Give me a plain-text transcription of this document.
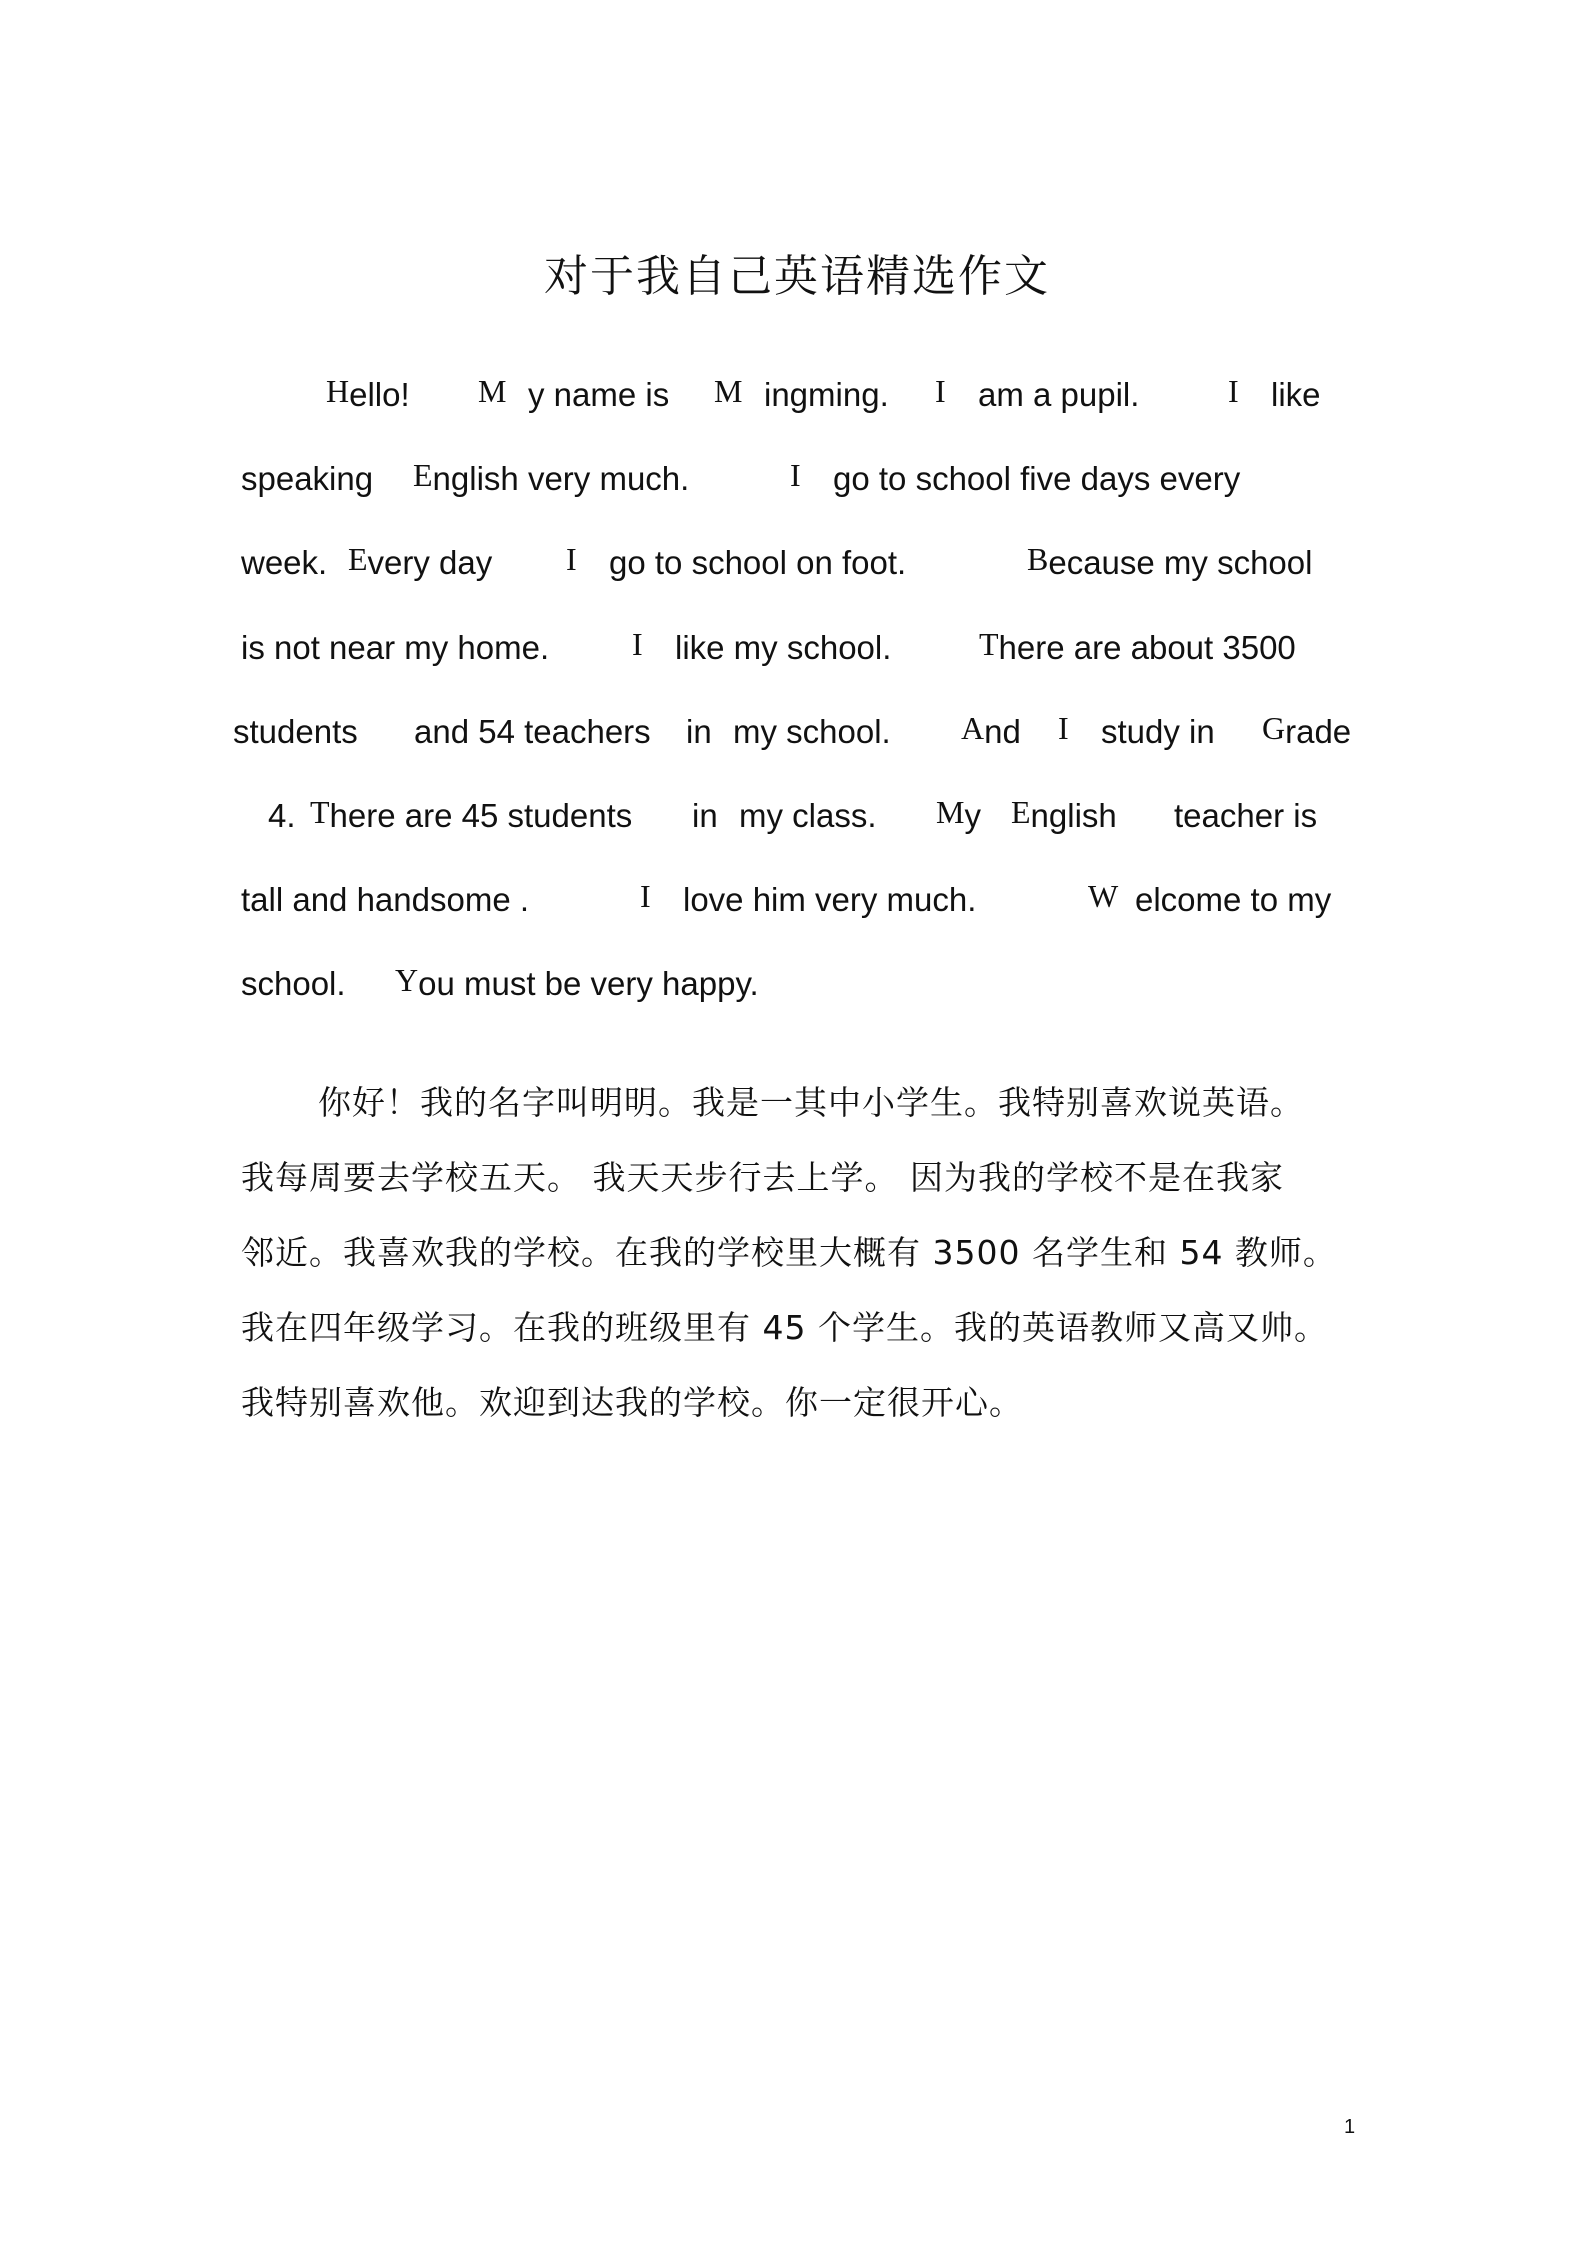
对于我自己英语精选作文
Hello! M y name is M ingming. I am a pupil.	I like
speaking English very much.	I go to school five days every
week. Every day I go to school on foot.	Because my school
is not near my home.	I like my school.	There are about 3500
students and 54 teachers in my school. And I study in Grade
4. There are 45 students in my class. My English teacher is
tall and handsome .	I love him very much.	W elcome to my
school. You must be very happy.
你好！我的名字叫明明。我是一其中小学生。我特别喜欢说英语。
我每周要去学校五天。 我天天步行去上学。 因为我的学校不是在我家
邻近。我喜欢我的学校。在我的学校里大概有 3500 名学生和 54 教师。
我在四年级学习。在我的班级里有 45 个学生。我的英语教师又高又帅。
我特别喜欢他。欢迎到达我的学校。你一定很开心。
1
